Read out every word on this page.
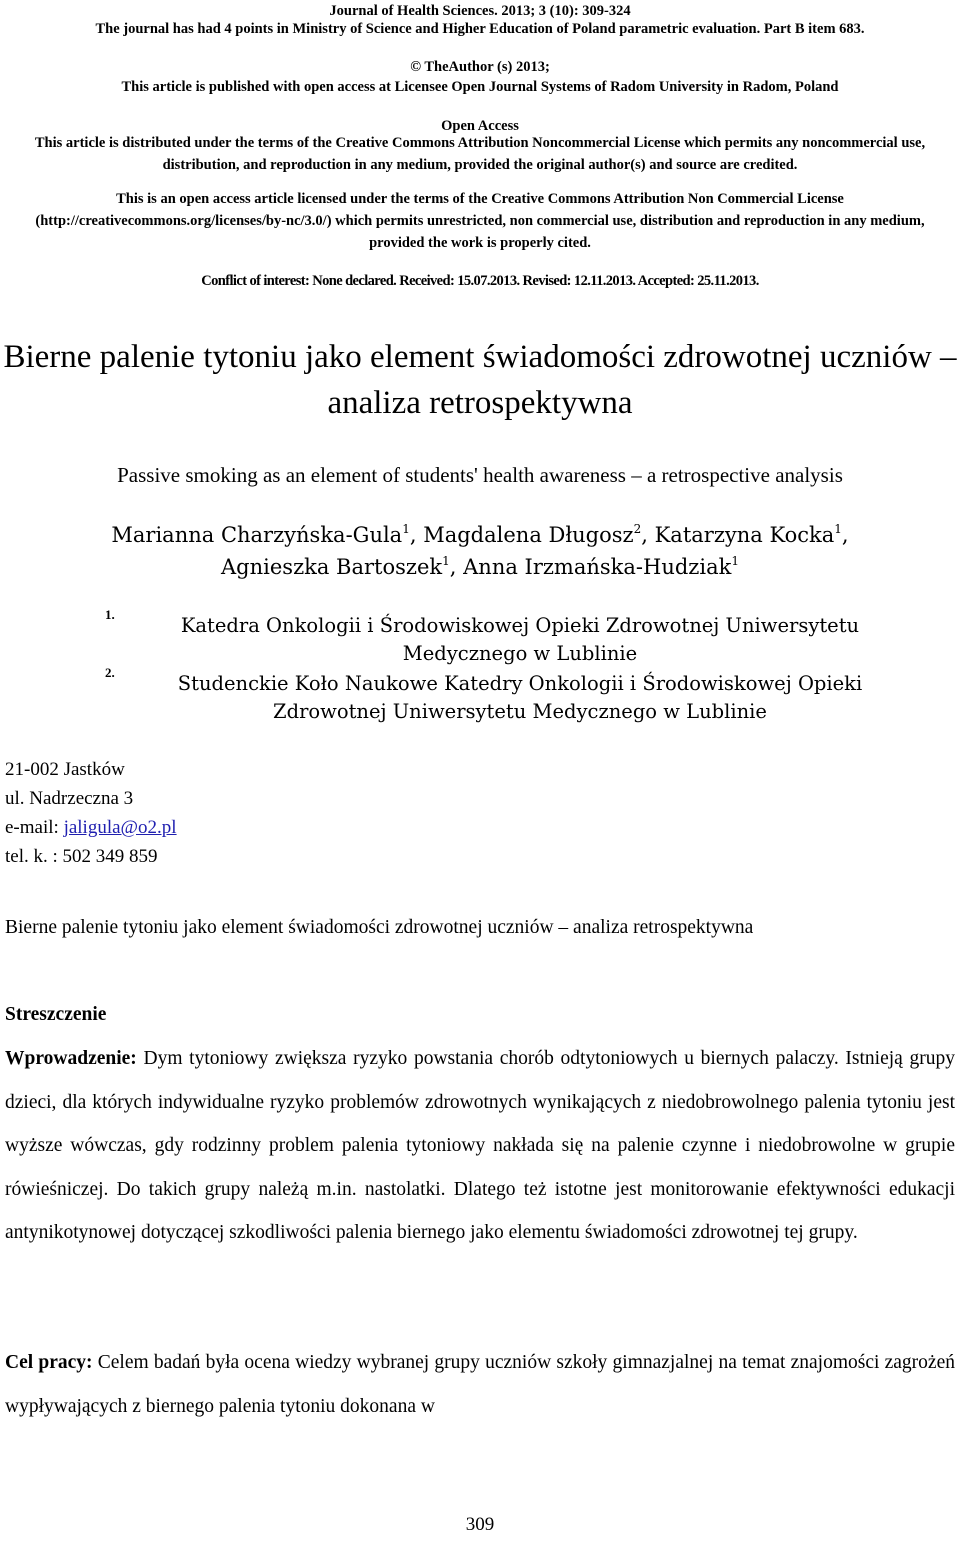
Journal of Health Sciences. 2013; 3 (10): 309-324
The journal has had 4 points in Ministry of Science and Higher Education of Poland parametric evaluation. Part B item 683.
© TheAuthor (s) 2013;
This article is published with open access at Licensee Open Journal Systems of Radom University in Radom, Poland
Open Access
This article is distributed under the terms of the Creative Commons Attribution Noncommercial License which permits any noncommercial use, distribution, and reproduction in any medium, provided the original author(s) and source are credited.
This is an open access article licensed under the terms of the Creative Commons Attribution Non Commercial License (http://creativecommons.org/licenses/by-nc/3.0/) which permits unrestricted, non commercial use, distribution and reproduction in any medium, provided the work is properly cited.
Conflict of interest: None declared. Received: 15.07.2013. Revised: 12.11.2013. Accepted: 25.11.2013.
Bierne palenie tytoniu jako element świadomości zdrowotnej uczniów – analiza retrospektywna
Passive smoking as an element of students' health awareness – a retrospective analysis
Marianna Charzyńska-Gula$^1$, Magdalena Długosz$^2$, Katarzyna Kocka$^1$,
Agnieszka Bartoszek$^1$, Anna Irzmańska-Hudziak$^1$
1.	Katedra Onkologii i Środowiskowej Opieki Zdrowotnej Uniwersytetu Medycznego w Lublinie
2.	Studenckie Koło Naukowe Katedry Onkologii i Środowiskowej Opieki Zdrowotnej Uniwersytetu Medycznego w Lublinie
21-002 Jastków
ul. Nadrzeczna 3
e-mail: jaligula@o2.pl
tel. k. : 502 349 859
Bierne palenie tytoniu jako element świadomości zdrowotnej uczniów – analiza retrospektywna
Streszczenie
Wprowadzenie: Dym tytoniowy zwiększa ryzyko powstania chorób odtytoniowych u biernych palaczy. Istnieją grupy dzieci, dla których indywidualne ryzyko problemów zdrowotnych wynikających z niedobrowolnego palenia tytoniu jest wyższe wówczas, gdy rodzinny problem palenia tytoniowy nakłada się na palenie czynne i niedobrowolne w grupie rówieśniczej. Do takich grupy należą m.in. nastolatki. Dlatego też istotne jest monitorowanie efektywności edukacji antynikotynowej dotyczącej szkodliwości palenia biernego jako elementu świadomości zdrowotnej tej grupy.
Cel pracy: Celem badań była ocena wiedzy wybranej grupy uczniów szkoły gimnazjalnej na temat znajomości zagrożeń wypływających z biernego palenia tytoniu dokonana w
309
